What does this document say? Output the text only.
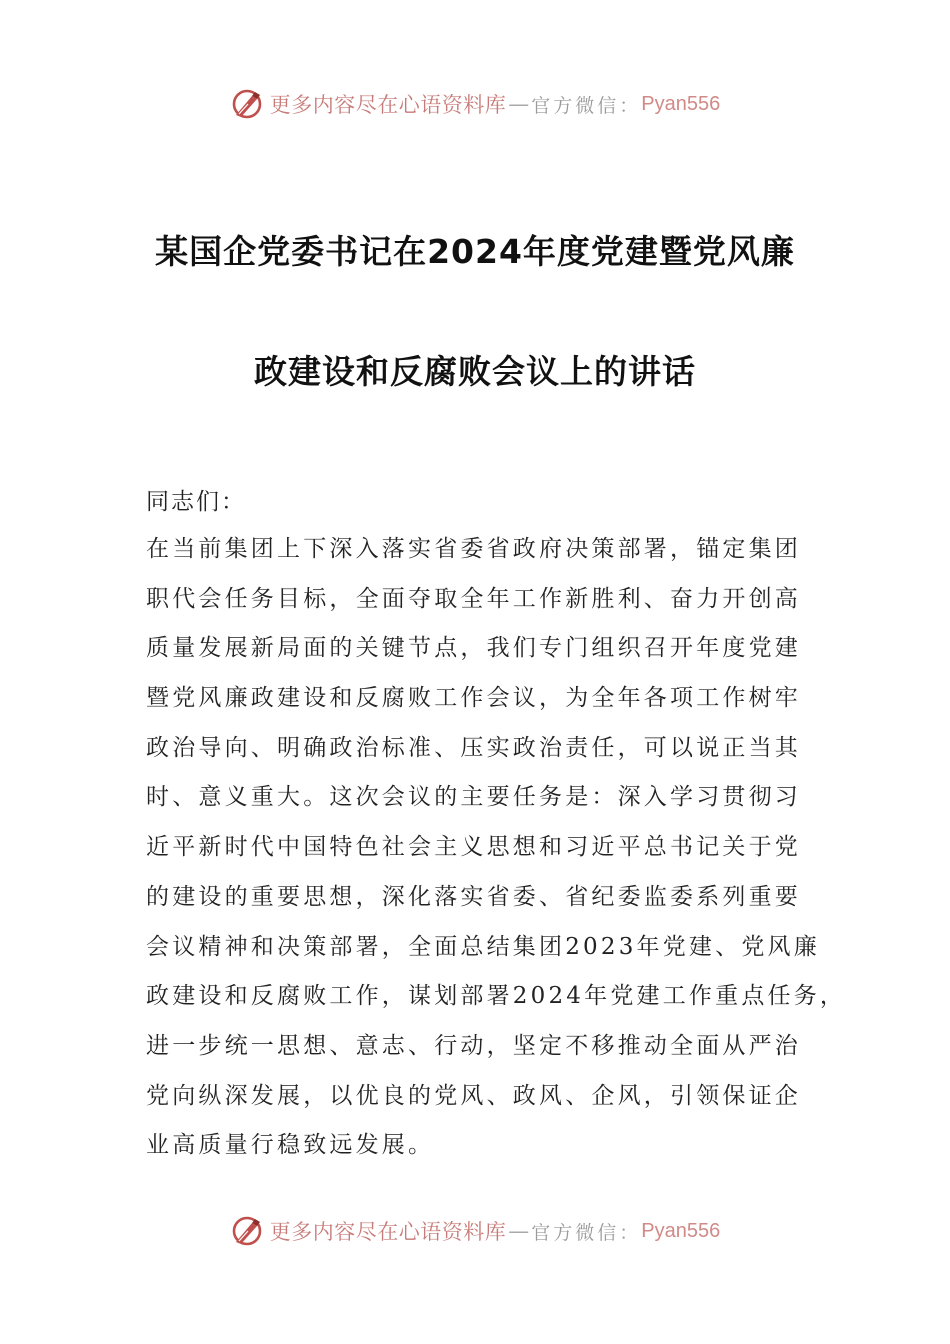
更多内容尽在心语资料库 — 官方微信： Pyan556
某国企党委书记在2024年度党建暨党风廉
政建设和反腐败会议上的讲话
同志们：
在当前集团上下深入落实省委省政府决策部署，锚定集团
职代会任务目标，全面夺取全年工作新胜利、奋力开创高
质量发展新局面的关键节点，我们专门组织召开年度党建
暨党风廉政建设和反腐败工作会议，为全年各项工作树牢
政治导向、明确政治标准、压实政治责任，可以说正当其
时、意义重大。这次会议的主要任务是：深入学习贯彻习
近平新时代中国特色社会主义思想和习近平总书记关于党
的建设的重要思想，深化落实省委、省纪委监委系列重要
会议精神和决策部署，全面总结集团2023年党建、党风廉
政建设和反腐败工作，谋划部署2024年党建工作重点任务，
进一步统一思想、意志、行动，坚定不移推动全面从严治
党向纵深发展，以优良的党风、政风、企风，引领保证企
业高质量行稳致远发展。
更多内容尽在心语资料库 — 官方微信： Pyan556
